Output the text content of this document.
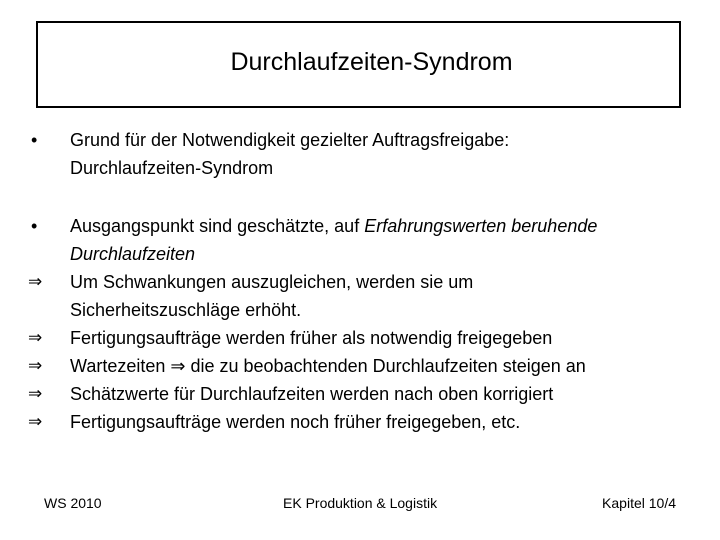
Durchlaufzeiten-Syndrom
•	Grund für der Notwendigkeit gezielter Auftragsfreigabe:
Durchlaufzeiten-Syndrom
•	Ausgangspunkt sind geschätzte, auf Erfahrungswerten beruhende
Durchlaufzeiten
⇒	Um Schwankungen auszugleichen, werden sie um
Sicherheitszuschläge erhöht.
⇒	Fertigungsaufträge werden früher als notwendig freigegeben
⇒	Wartezeiten ⇒ die zu beobachtenden Durchlaufzeiten steigen an
⇒	Schätzwerte für Durchlaufzeiten werden nach oben korrigiert
⇒	Fertigungsaufträge werden noch früher freigegeben, etc.
WS 2010	EK Produktion & Logistik	Kapitel 10/4
